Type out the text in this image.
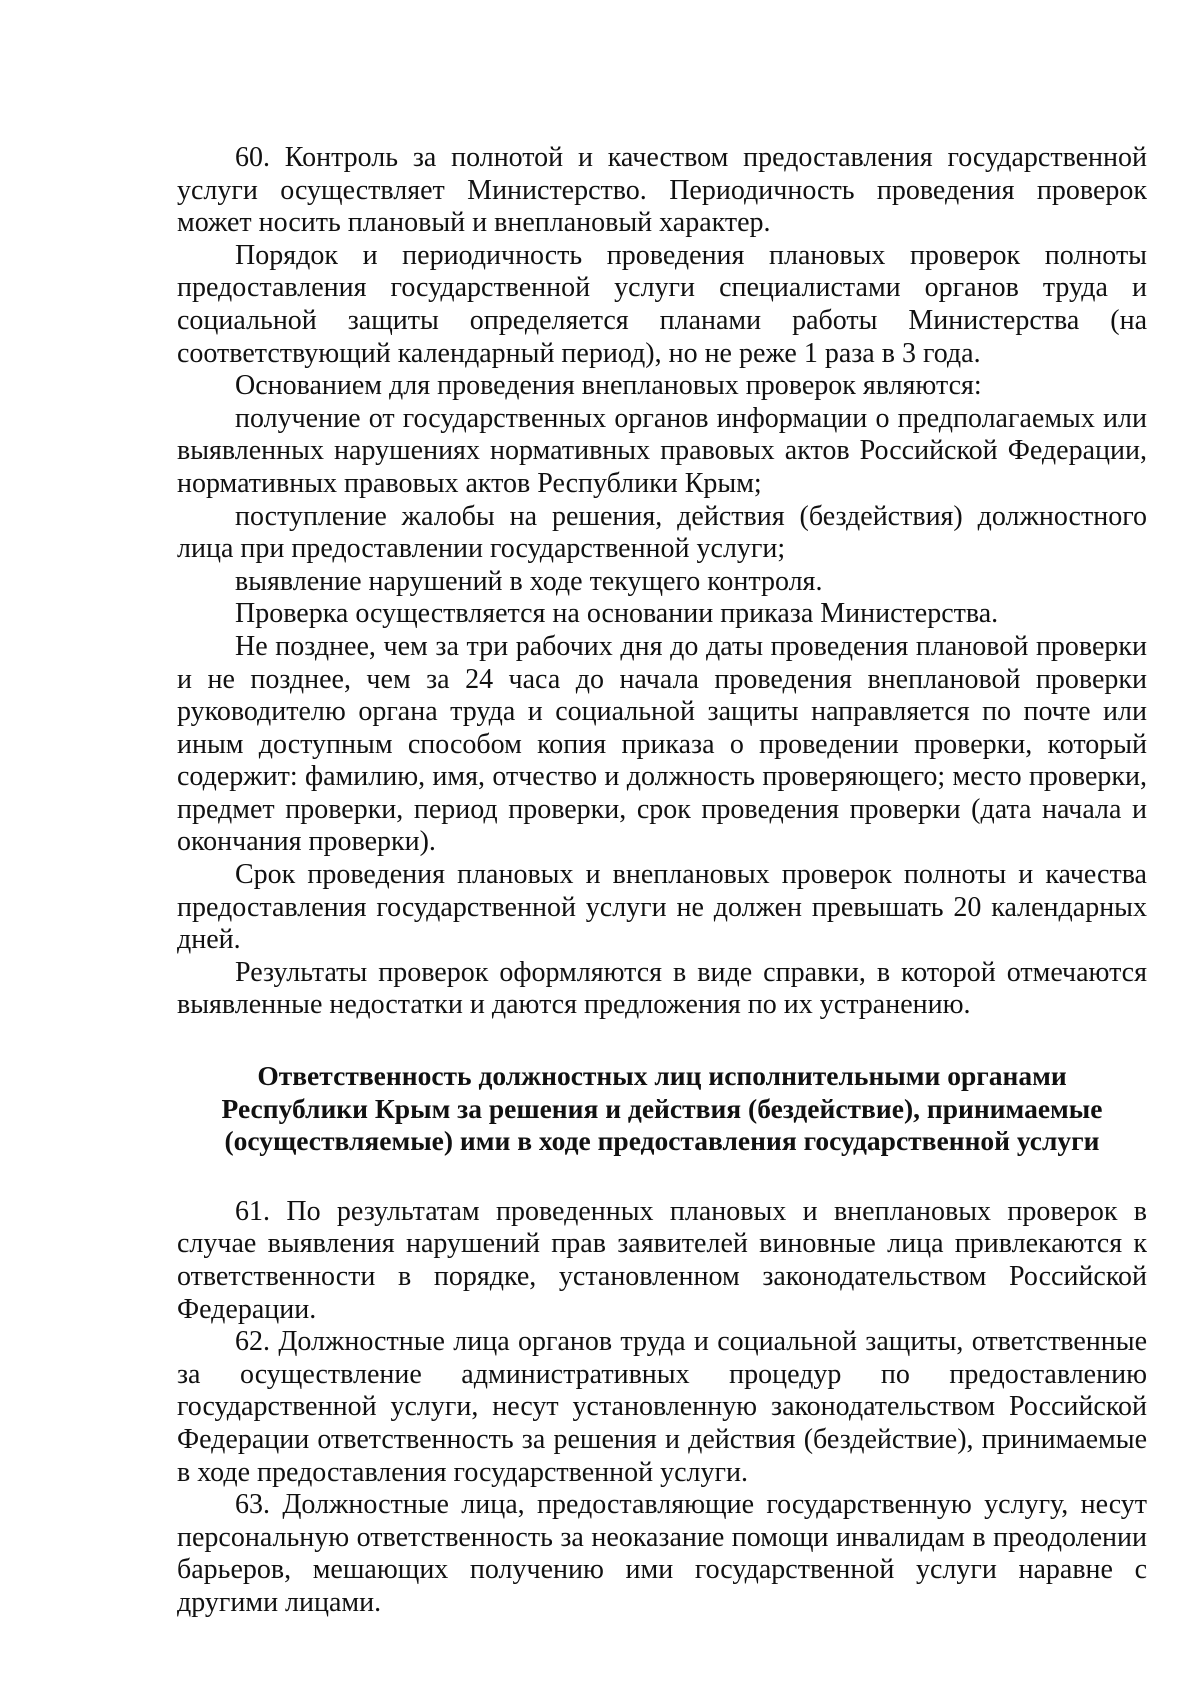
60. Контроль за полнотой и качеством предоставления государственной услуги осуществляет Министерство. Периодичность проведения проверок может носить плановый и внеплановый характер.

Порядок и периодичность проведения плановых проверок полноты предоставления государственной услуги специалистами органов труда и социальной защиты определяется планами работы Министерства (на соответствующий календарный период), но не реже 1 раза в 3 года.

Основанием для проведения внеплановых проверок являются:

получение от государственных органов информации о предполагаемых или выявленных нарушениях нормативных правовых актов Российской Федерации, нормативных правовых актов Республики Крым;

поступление жалобы на решения, действия (бездействия) должностного лица при предоставлении государственной услуги;

выявление нарушений в ходе текущего контроля.

Проверка осуществляется на основании приказа Министерства.

Не позднее, чем за три рабочих дня до даты проведения плановой проверки и не позднее, чем за 24 часа до начала проведения внеплановой проверки руководителю органа труда и социальной защиты направляется по почте или иным доступным способом копия приказа о проведении проверки, который содержит: фамилию, имя, отчество и должность проверяющего; место проверки, предмет проверки, период проверки, срок проведения проверки (дата начала и окончания проверки).

Срок проведения плановых и внеплановых проверок полноты и качества предоставления государственной услуги не должен превышать 20 календарных дней.

Результаты проверок оформляются в виде справки, в которой отмечаются выявленные недостатки и даются предложения по их устранению.

Ответственность должностных лиц исполнительными органами
Республики Крым за решения и действия (бездействие), принимаемые
(осуществляемые) ими в ходе предоставления государственной услуги

61. По результатам проведенных плановых и внеплановых проверок в случае выявления нарушений прав заявителей виновные лица привлекаются к ответственности в порядке, установленном законодательством Российской Федерации.

62. Должностные лица органов труда и социальной защиты, ответственные за осуществление административных процедур по предоставлению государственной услуги, несут установленную законодательством Российской Федерации ответственность за решения и действия (бездействие), принимаемые в ходе предоставления государственной услуги.

63. Должностные лица, предоставляющие государственную услугу, несут персональную ответственность за неоказание помощи инвалидам в преодолении барьеров, мешающих получению ими государственной услуги наравне с другими лицами.
